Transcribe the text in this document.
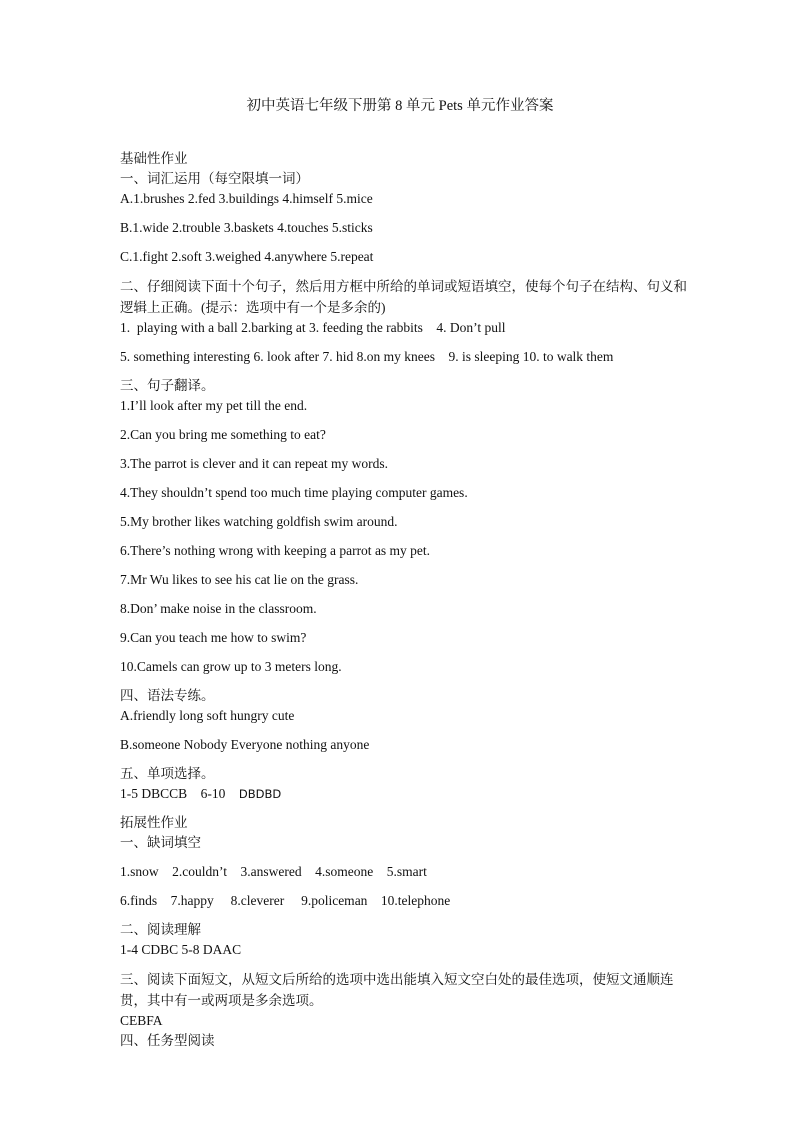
初中英语七年级下册第 8 单元 Pets 单元作业答案

基础性作业

一、词汇运用（每空限填一词）

A.1.brushes 2.fed 3.buildings 4.himself 5.mice

B.1.wide 2.trouble 3.baskets 4.touches 5.sticks

C.1.fight 2.soft 3.weighed 4.anywhere 5.repeat

二、仔细阅读下面十个句子，然后用方框中所给的单词或短语填空，使每个句子在结构、句义和逻辑上正确。(提示：选项中有一个是多余的)

1.  playing with a ball 2.barking at 3. feeding the rabbits    4. Don’t pull

5. something interesting 6. look after 7. hid 8.on my knees    9. is sleeping 10. to walk them

三、句子翻译。

1.I’ll look after my pet till the end.

2.Can you bring me something to eat?

3.The parrot is clever and it can repeat my words.

4.They shouldn’t spend too much time playing computer games.

5.My brother likes watching goldfish swim around.

6.There’s nothing wrong with keeping a parrot as my pet.

7.Mr Wu likes to see his cat lie on the grass.

8.Don’ make noise in the classroom.

9.Can you teach me how to swim?

10.Camels can grow up to 3 meters long.

四、语法专练。

A.friendly long soft hungry cute

B.someone Nobody Everyone nothing anyone

五、单项选择。

1-5 DBCCB    6-10    DBDBD

拓展性作业

一、缺词填空

1.snow    2.couldn’t    3.answered    4.someone    5.smart

6.finds    7.happy     8.cleverer     9.policeman    10.telephone

二、阅读理解

1-4 CDBC 5-8 DAAC

三、阅读下面短文，从短文后所给的选项中选出能填入短文空白处的最佳选项，使短文通顺连贯，其中有一或两项是多余选项。

CEBFA

四、任务型阅读
